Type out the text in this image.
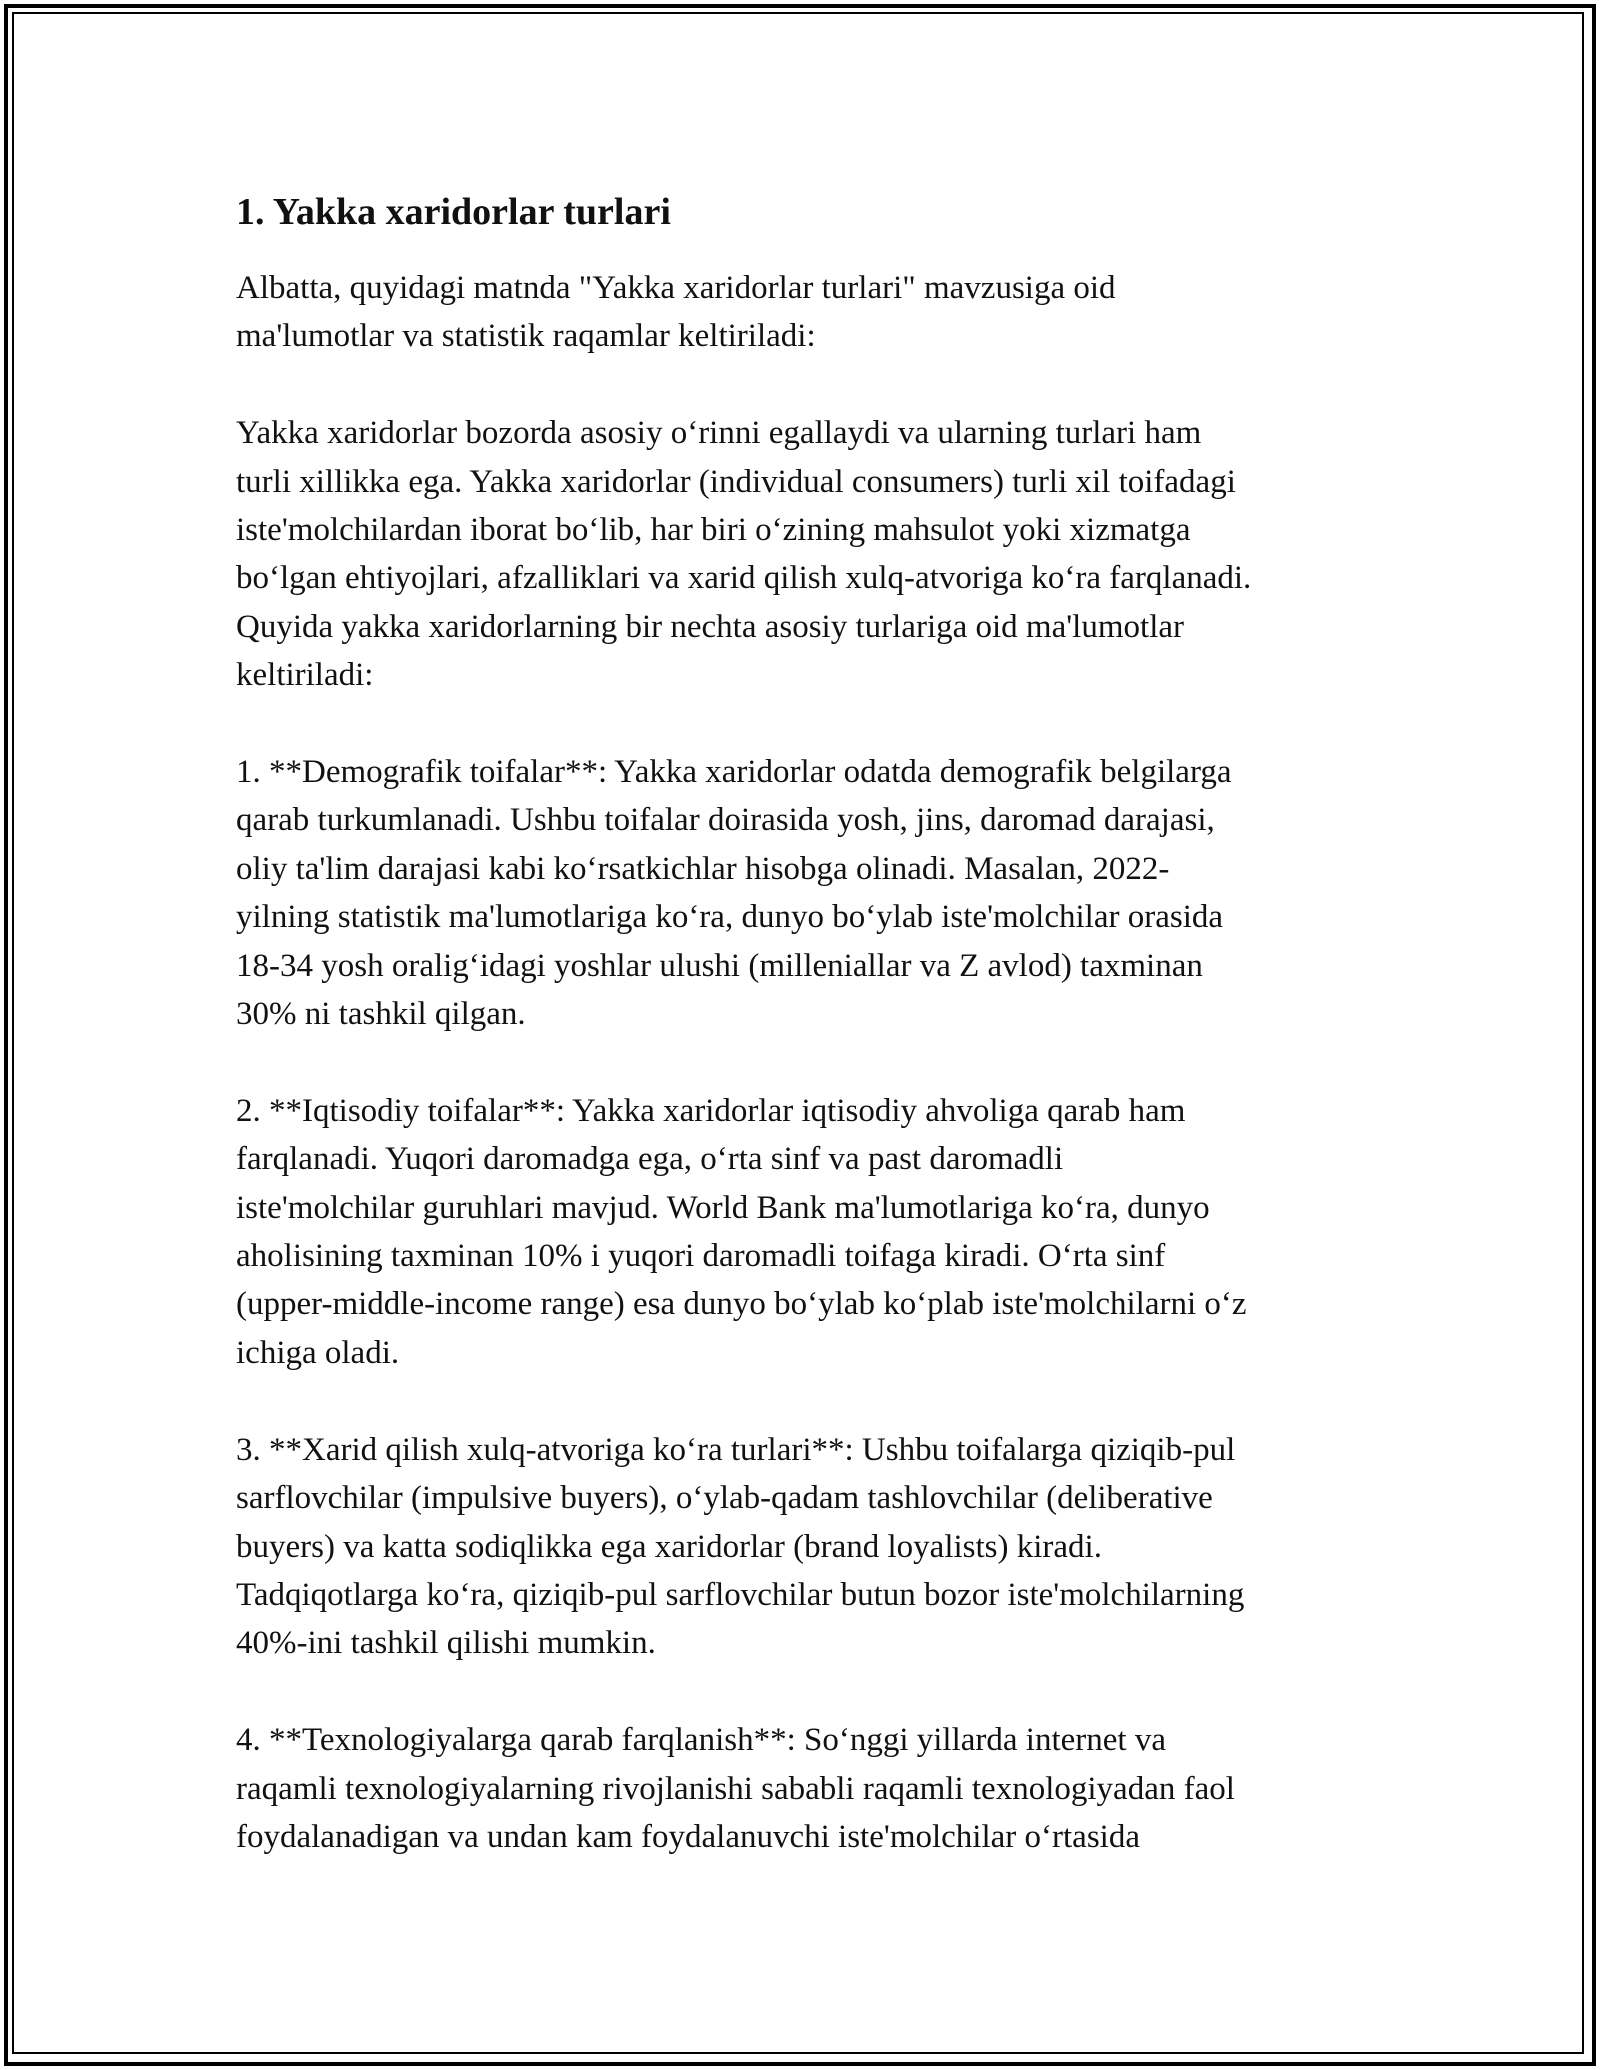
1. Yakka xaridorlar turlari
Albatta, quyidagi matnda "Yakka xaridorlar turlari" mavzusiga oid
ma'lumotlar va statistik raqamlar keltiriladi:
Yakka xaridorlar bozorda asosiy o‘rinni egallaydi va ularning turlari ham
turli xillikka ega. Yakka xaridorlar (individual consumers) turli xil toifadagi
iste'molchilardan iborat bo‘lib, har biri o‘zining mahsulot yoki xizmatga
bo‘lgan ehtiyojlari, afzalliklari va xarid qilish xulq-atvoriga ko‘ra farqlanadi.
Quyida yakka xaridorlarning bir nechta asosiy turlariga oid ma'lumotlar
keltiriladi:
1. **Demografik toifalar**: Yakka xaridorlar odatda demografik belgilarga
qarab turkumlanadi. Ushbu toifalar doirasida yosh, jins, daromad darajasi,
oliy ta'lim darajasi kabi ko‘rsatkichlar hisobga olinadi. Masalan, 2022-
yilning statistik ma'lumotlariga ko‘ra, dunyo bo‘ylab iste'molchilar orasida
18-34 yosh oralig‘idagi yoshlar ulushi (milleniallar va Z avlod) taxminan
30% ni tashkil qilgan.
2. **Iqtisodiy toifalar**: Yakka xaridorlar iqtisodiy ahvoliga qarab ham
farqlanadi. Yuqori daromadga ega, o‘rta sinf va past daromadli
iste'molchilar guruhlari mavjud. World Bank ma'lumotlariga ko‘ra, dunyo
aholisining taxminan 10% i yuqori daromadli toifaga kiradi. O‘rta sinf
(upper-middle-income range) esa dunyo bo‘ylab ko‘plab iste'molchilarni o‘z
ichiga oladi.
3. **Xarid qilish xulq-atvoriga ko‘ra turlari**: Ushbu toifalarga qiziqib-pul
sarflovchilar (impulsive buyers), o‘ylab-qadam tashlovchilar (deliberative
buyers) va katta sodiqlikka ega xaridorlar (brand loyalists) kiradi.
Tadqiqotlarga ko‘ra, qiziqib-pul sarflovchilar butun bozor iste'molchilarning
40%-ini tashkil qilishi mumkin.
4. **Texnologiyalarga qarab farqlanish**: So‘nggi yillarda internet va
raqamli texnologiyalarning rivojlanishi sababli raqamli texnologiyadan faol
foydalanadigan va undan kam foydalanuvchi iste'molchilar o‘rtasida
